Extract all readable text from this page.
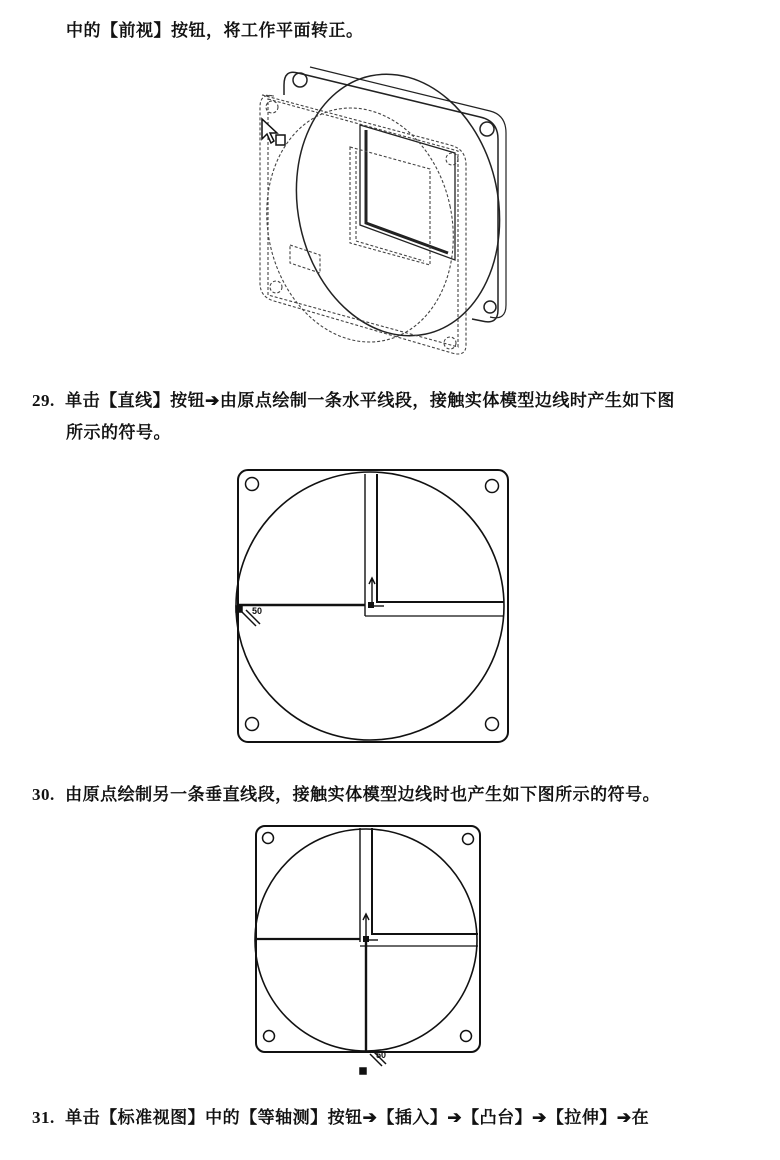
中的【前视】按钮，将工作平面转正。
29. 单击【直线】按钮➔由原点绘制一条水平线段，接触实体模型边线时产生如下图
所示的符号。
30. 由原点绘制另一条垂直线段，接触实体模型边线时也产生如下图所示的符号。
31. 单击【标准视图】中的【等轴测】按钮➔【插入】➔【凸台】➔【拉伸】➔在
50
50
